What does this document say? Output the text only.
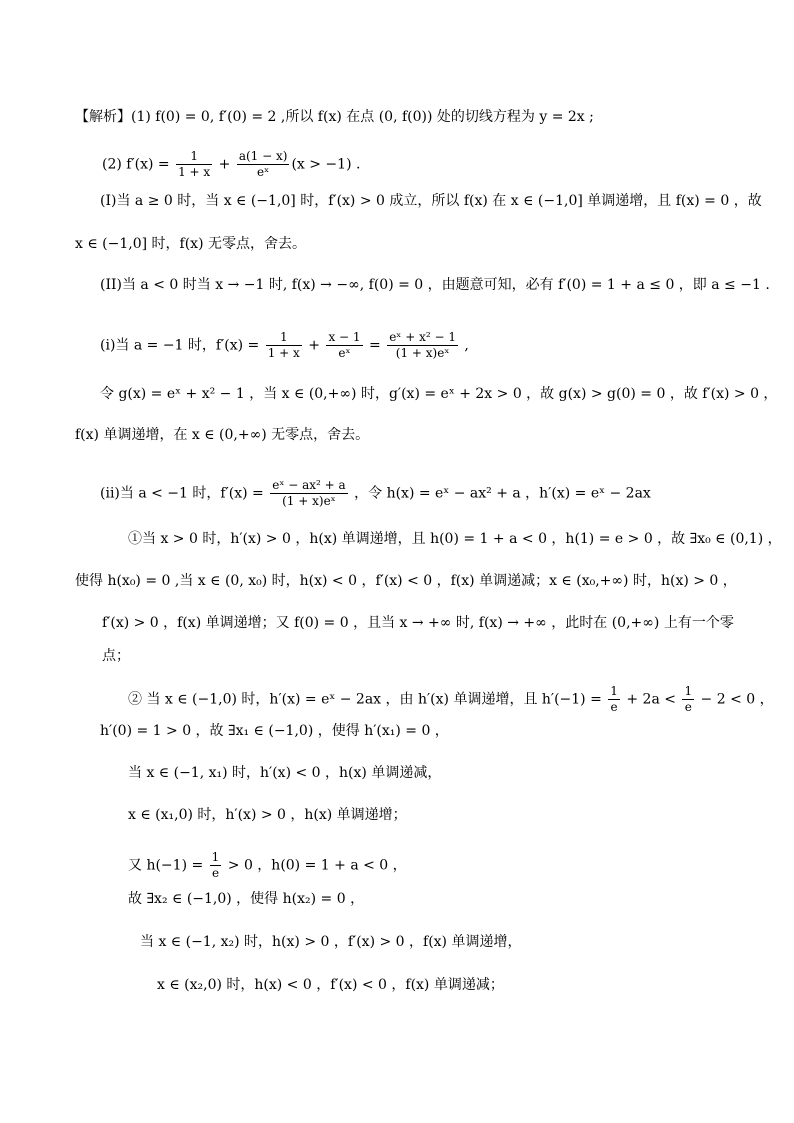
【解析】(1) f(0) = 0, f′(0) = 2 ,所以 f(x) 在点 (0, f(0)) 处的切线方程为 y = 2x ;
(2) $f'(x) = \frac{1}{1 + x} + \frac{a(1 - x)}{\text{eˣ}} (x > -1)$ .
(I)当 a ≥ 0 时，当 x ∈ (−1,0] 时，f′(x) > 0 成立，所以 f(x) 在 x ∈ (−1,0] 单调递增，且 f(x) = 0 ，故
x ∈ (−1,0] 时，f(x) 无零点，舍去。
(II)当 a < 0 时当 x → −1 时, f(x) → −∞, f(0) = 0 ，由题意可知，必有 f′(0) = 1 + a ≤ 0 ，即 a ≤ −1 .
(i)当 a = −1 时，$f'(x) = \frac{1}{1 + x} + \frac{x - 1}{\text{eˣ}} = \frac{\text{eˣ + x² − 1}}{\text{(1 + x)eˣ}}$ ,
令 g(x) = eˣ + x² − 1 ，当 x ∈ (0,+∞) 时，g′(x) = eˣ + 2x > 0 ，故 g(x) > g(0) = 0 ，故 f′(x) > 0 ，
f(x) 单调递增，在 x ∈ (0,+∞) 无零点，舍去。
(ii)当 a < −1 时，$f'(x) = \frac{\text{eˣ − ax² + a}}{\text{(1 + x)eˣ}}$ ，令 h(x) = eˣ − ax² + a ，h′(x) = eˣ − 2ax
①当 x > 0 时，h′(x) > 0 ，h(x) 单调递增，且 h(0) = 1 + a < 0 ，h(1) = e > 0 ，故 ∃x₀ ∈ (0,1) ，
使得 h(x₀) = 0 ,当 x ∈ (0, x₀) 时，h(x) < 0 ，f′(x) < 0 ，f(x) 单调递减；x ∈ (x₀,+∞) 时，h(x) > 0 ，
f′(x) > 0 ，f(x) 单调递增；又 f(0) = 0 ，且当 x → +∞ 时, f(x) → +∞ ，此时在 (0,+∞) 上有一个零
点；
② 当 x ∈ (−1,0) 时，h′(x) = eˣ − 2ax ，由 h′(x) 单调递增，且 $h'(-1) = \frac{1}{e} + 2a < \frac{1}{e} - 2 < 0$ ，
h′(0) = 1 > 0 ，故 ∃x₁ ∈ (−1,0) ，使得 h′(x₁) = 0 ，
当 x ∈ (−1, x₁) 时，h′(x) < 0 ，h(x) 单调递减，
x ∈ (x₁,0) 时，h′(x) > 0 ，h(x) 单调递增；
又 $h(-1) = \frac{1}{e} > 0$ ，h(0) = 1 + a < 0 ，
故 ∃x₂ ∈ (−1,0) ，使得 h(x₂) = 0 ，
当 x ∈ (−1, x₂) 时，h(x) > 0 ，f′(x) > 0 ，f(x) 单调递增，
x ∈ (x₂,0) 时，h(x) < 0 ，f′(x) < 0 ，f(x) 单调递减；
